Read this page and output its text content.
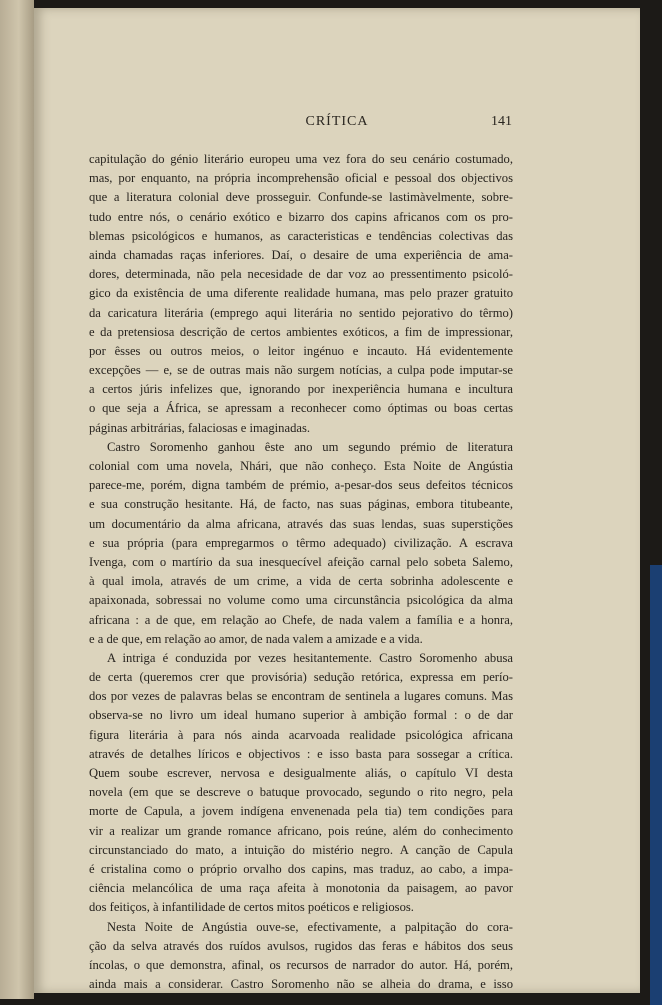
CRÍTICA	141
capitulação do génio literário europeu uma vez fora do seu cenário costumado,
mas, por enquanto, na própria incomprehensão oficial e pessoal dos objectivos
que a literatura colonial deve prosseguir. Confunde-se lastimàvelmente, sobre-
tudo entre nós, o cenário exótico e bizarro dos capins africanos com os pro-
blemas psicológicos e humanos, as caracteristicas e tendências colectivas das
ainda chamadas raças inferiores. Daí, o desaire de uma experiência de ama-
dores, determinada, não pela necesidade de dar voz ao pressentimento psicoló-
gico da existência de uma diferente realidade humana, mas pelo prazer gratuito
da caricatura literária (emprego aqui literária no sentido pejorativo do têrmo)
e da pretensiosa descrição de certos ambientes exóticos, a fim de impressionar,
por êsses ou outros meios, o leitor ingénuo e incauto. Há evidentemente
excepções — e, se de outras mais não surgem notícias, a culpa pode imputar-se
a certos júris infelizes que, ignorando por inexperiência humana e incultura
o que seja a África, se apressam a reconhecer como óptimas ou boas certas
páginas arbitrárias, falaciosas e imaginadas.
Castro Soromenho ganhou êste ano um segundo prémio de literatura
colonial com uma novela, Nhári, que não conheço. Esta Noite de Angústia
parece-me, porém, digna também de prémio, a-pesar-dos seus defeitos técnicos
e sua construção hesitante. Há, de facto, nas suas páginas, embora titubeante,
um documentário da alma africana, através das suas lendas, suas superstições
e sua própria (para empregarmos o têrmo adequado) civilização. A escrava
Ivenga, com o martírio da sua inesquecível afeição carnal pelo sobeta Salemo,
à qual imola, através de um crime, a vida de certa sobrinha adolescente e
apaixonada, sobressai no volume como uma circunstância psicológica da alma
africana : a de que, em relação ao Chefe, de nada valem a família e a honra,
e a de que, em relação ao amor, de nada valem a amizade e a vida.
A intriga é conduzida por vezes hesitantemente. Castro Soromenho abusa
de certa (queremos crer que provisória) sedução retórica, expressa em perío-
dos por vezes de palavras belas se encontram de sentinela a lugares comuns. Mas
observa-se no livro um ideal humano superior à ambição formal : o de dar
figura literária à para nós ainda acarvoada realidade psicológica africana
através de detalhes líricos e objectivos : e isso basta para sossegar a crítica.
Quem soube escrever, nervosa e desigualmente aliás, o capítulo VI desta
novela (em que se descreve o batuque provocado, segundo o rito negro, pela
morte de Capula, a jovem indígena envenenada pela tia) tem condições para
vir a realizar um grande romance africano, pois reúne, além do conhecimento
circunstanciado do mato, a intuição do mistério negro. A canção de Capula
é cristalina como o próprio orvalho dos capins, mas traduz, ao cabo, a impa-
ciência melancólica de uma raça afeita à monotonia da paisagem, ao pavor
dos feitiços, à infantilidade de certos mitos poéticos e religiosos.
Nesta Noite de Angústia ouve-se, efectivamente, a palpitação do cora-
ção da selva através dos ruídos avulsos, rugidos das feras e hábitos dos seus
íncolas, o que demonstra, afinal, os recursos de narrador do autor. Há, porém,
ainda mais a considerar. Castro Soromenho não se alheia do drama, e isso
